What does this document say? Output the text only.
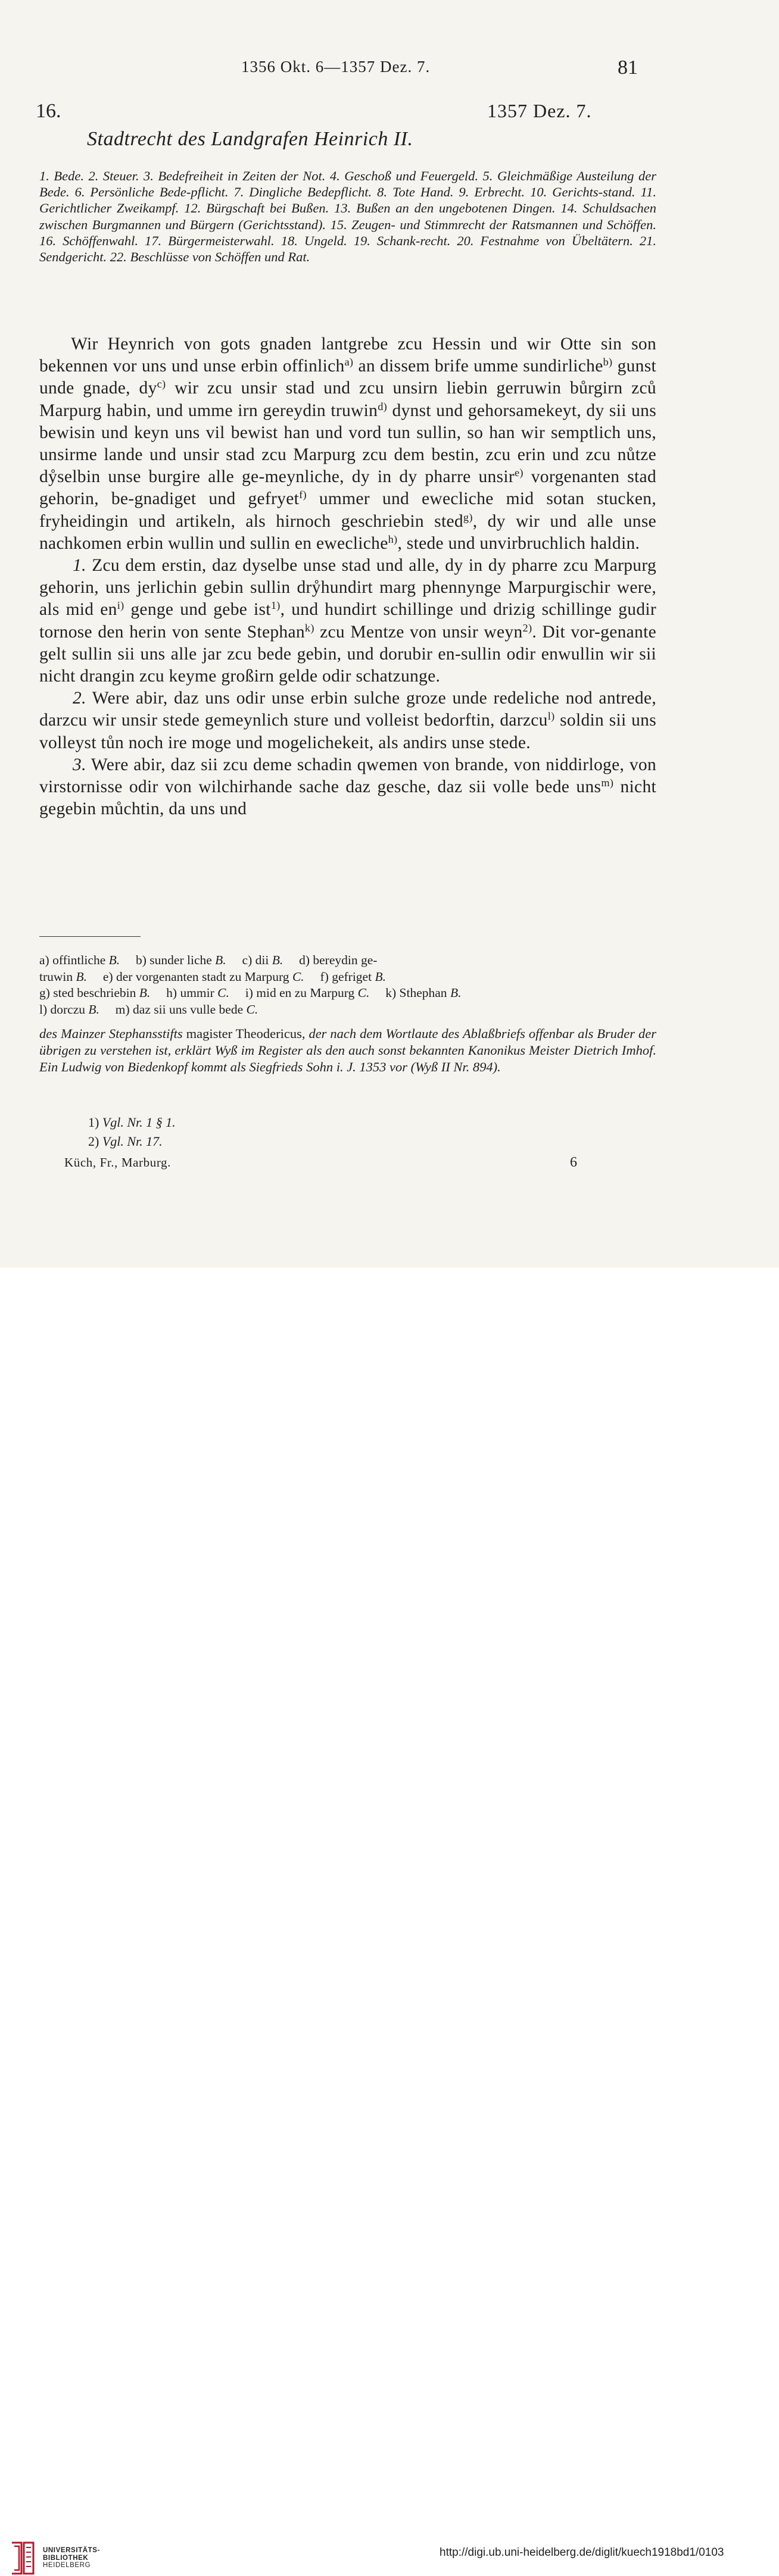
1356 Okt. 6—1357 Dez. 7.	81
16.	1357 Dez. 7.
Stadtrecht des Landgrafen Heinrich II.
1. Bede. 2. Steuer. 3. Bedefreiheit in Zeiten der Not. 4. Geschoß und Feuergeld. 5. Gleichmäßige Austeilung der Bede. 6. Persönliche Bede-pflicht. 7. Dingliche Bedepflicht. 8. Tote Hand. 9. Erbrecht. 10. Gerichts-stand. 11. Gerichtlicher Zweikampf. 12. Bürgschaft bei Bußen. 13. Bußen an den ungebotenen Dingen. 14. Schuldsachen zwischen Burgmannen und Bürgern (Gerichtsstand). 15. Zeugen- und Stimmrecht der Ratsmannen und Schöffen. 16. Schöffenwahl. 17. Bürgermeisterwahl. 18. Ungeld. 19. Schank-recht. 20. Festnahme von Übeltätern. 21. Sendgericht. 22. Beschlüsse von Schöffen und Rat.

Wir Heynrich von gots gnaden lantgrebe zcu Hessin und wir Otte sin son bekennen vor uns und unse erbin offinlich$^{a)}$ an dissem brife umme sundirliche$^{b)}$ gunst unde gnade, $dy^{c)}$ wir zcu unsir stad und zcu unsirn liebin gerruwin bůrgirn zců Marpurg habin, und umme irn gereydin truwin$^{d)}$ dynst und gehorsamekeyt, dy sii uns bewisin und keyn uns vil bewist han und vord tun sullin, so han wir semptlich uns, unsirme lande und unsir stad zcu Marpurg zcu dem bestin, zcu erin und zcu nůtze dẙselbin unse burgire alle ge-meynliche, dy in dy pharre unsir$^{e)}$ vorgenanten stad gehorin, be-gnadiget und gefryet$^{f)}$ ummer und ewecliche mid sotan stucken, fryheidingin und artikeln, als hirnoch geschriebin sted$^{g)}$, dy wir und alle unse nachkomen erbin wullin und sullin en ewecliche$^{h)}$, stede und unvirbruchlich haldin.

1. Zcu dem erstin, daz dyselbe unse stad und alle, dy in dy pharre zcu Marpurg gehorin, uns jerlichin gebin sullin drẙhundirt marg phennynge Marpurgischir were, als mid $en^{i)}$ genge und gebe ist$^{1)}$, und hundirt schillinge und drizig schillinge gudir tornose den herin von sente Stephan$^{k)}$ zcu Mentze von unsir weyn$^{2)}$. Dit vor-genante gelt sullin sii uns alle jar zcu bede gebin, und dorubir en-sullin odir enwullin wir sii nicht drangin zcu keyme großirn gelde odir schatzunge.

2. Were abir, daz uns odir unse erbin sulche groze unde redeliche nod antrede, darzcu wir unsir stede gemeynlich sture und volleist bedorftin, darzcu$^{l)}$ soldin sii uns volleyst tůn noch ire moge und mogelichekeit, als andirs unse stede.

3. Were abir, daz sii zcu deme schadin qwemen von brande, von niddirloge, von virstornisse odir von wilchirhande sache daz gesche, daz sii volle bede uns$^{m)}$ nicht gegebin můchtin, da uns und

a) offintliche B.  b) sunder liche B.  c) dii B.  d) bereydin ge-
truwin B.  e) der vorgenanten stadt zu Marpurg C.  f) gefriget B.
g) sted beschriebin B.  h) ummir C.  i) mid en zu Marpurg C.  k) Sthephan B.
l) dorczu B.  m) daz sii uns vulle bede C.
des Mainzer Stephansstifts magister Theodericus, der nach dem Wortlaute des Ablaßbriefs offenbar als Bruder der übrigen zu verstehen ist, erklärt Wyß im Register als den auch sonst bekannten Kanonikus Meister Dietrich Imhof. Ein Ludwig von Biedenkopf kommt als Siegfrieds Sohn i. J. 1353 vor (Wyß II Nr. 894).
1) Vgl. Nr. 1 § 1.
2) Vgl. Nr. 17.
Küch, Fr., Marburg.	6
UNIVERSITÄTS-
BIBLIOTHEK
HEIDELBERG
http://digi.ub.uni-heidelberg.de/diglit/kuech1918bd1/0103
